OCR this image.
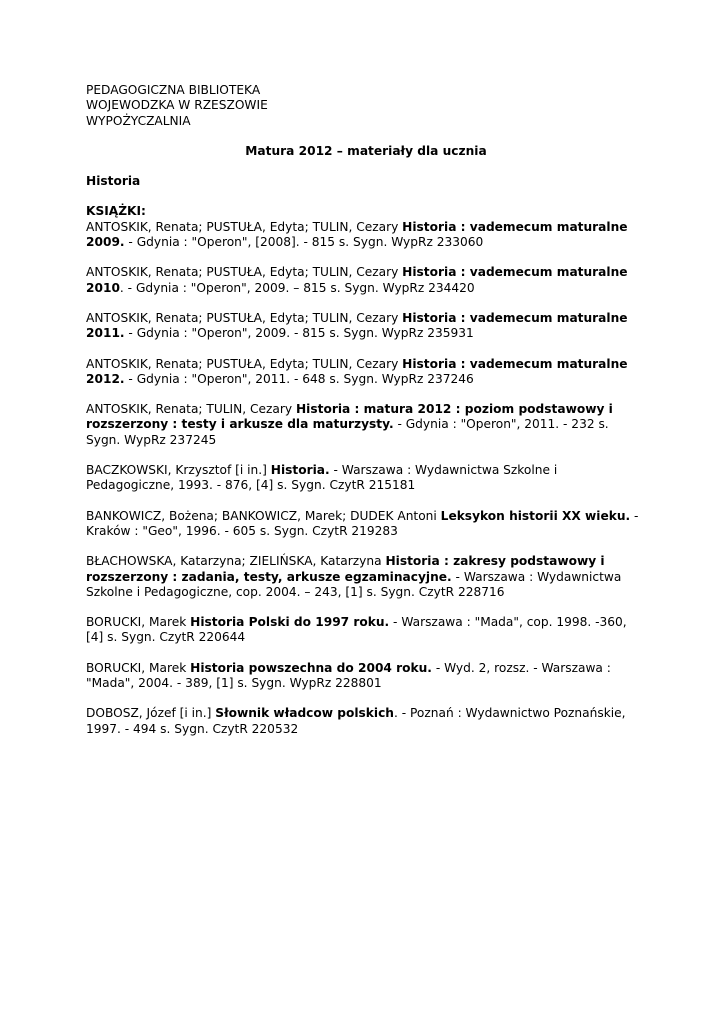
PEDAGOGICZNA BIBLIOTEKA
WOJEWODZKA W RZESZOWIE
WYPOŻYCZALNIA
Matura 2012 – materiały dla ucznia
Historia
KSIĄŻKI:
ANTOSKIK, Renata; PUSTUŁA, Edyta; TULIN, Cezary Historia : vademecum maturalne 2009. - Gdynia : "Operon", [2008]. - 815 s. Sygn. WypRz 233060
ANTOSKIK, Renata; PUSTUŁA, Edyta; TULIN, Cezary Historia : vademecum maturalne 2010. - Gdynia : "Operon", 2009. – 815 s. Sygn. WypRz 234420
ANTOSKIK, Renata; PUSTUŁA, Edyta; TULIN, Cezary Historia : vademecum maturalne 2011. - Gdynia : "Operon", 2009. - 815 s. Sygn. WypRz 235931
ANTOSKIK, Renata; PUSTUŁA, Edyta; TULIN, Cezary Historia : vademecum maturalne 2012. - Gdynia : "Operon", 2011. - 648 s. Sygn. WypRz 237246
ANTOSKIK, Renata; TULIN, Cezary Historia : matura 2012 : poziom podstawowy i rozszerzony : testy i arkusze dla maturzysty. - Gdynia : "Operon", 2011. - 232 s. Sygn. WypRz 237245
BACZKOWSKI, Krzysztof [i in.] Historia. - Warszawa : Wydawnictwa Szkolne i Pedagogiczne, 1993. - 876, [4] s. Sygn. CzytR 215181
BANKOWICZ, Bożena; BANKOWICZ, Marek; DUDEK Antoni Leksykon historii XX wieku. - Kraków : "Geo", 1996. - 605 s. Sygn. CzytR 219283
BŁACHOWSKA, Katarzyna; ZIELIŃSKA, Katarzyna Historia : zakresy podstawowy i rozszerzony : zadania, testy, arkusze egzaminacyjne. - Warszawa : Wydawnictwa Szkolne i Pedagogiczne, cop. 2004. – 243, [1] s. Sygn. CzytR 228716
BORUCKI, Marek Historia Polski do 1997 roku. - Warszawa : "Mada", cop. 1998. -360, [4] s. Sygn. CzytR 220644
BORUCKI, Marek Historia powszechna do 2004 roku. - Wyd. 2, rozsz. - Warszawa : "Mada", 2004. - 389, [1] s. Sygn. WypRz 228801
DOBOSZ, Józef [i in.] Słownik władcow polskich. - Poznań : Wydawnictwo Poznańskie, 1997. - 494 s. Sygn. CzytR 220532
